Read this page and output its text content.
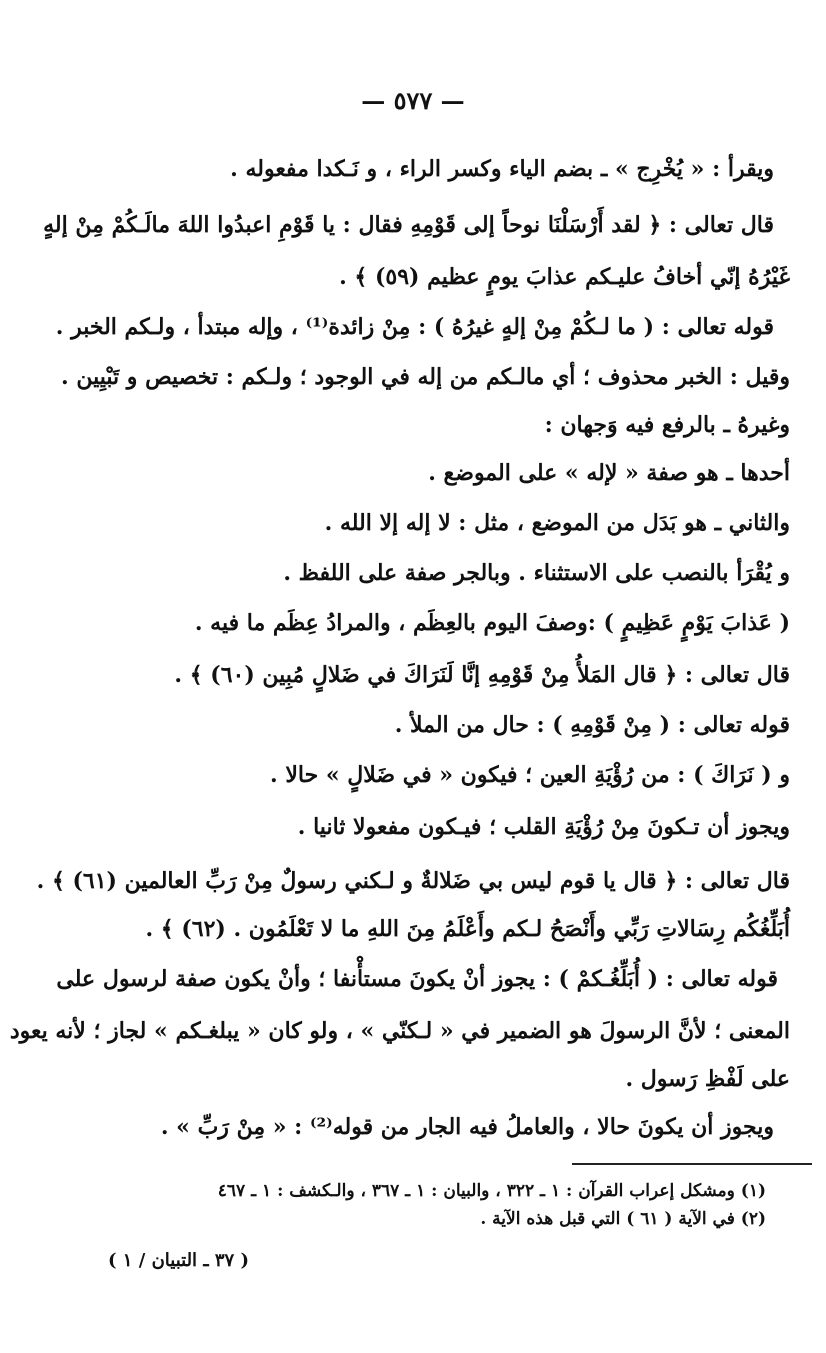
— ٥٧٧ —
ويقرأ : « يُخْرِج » ـ بضم الياء وكسر الراء ، و نَـكدا مفعوله .
قال تعالى : ﴿ لقد أَرْسَلْنَا نوحاً إلى قَوْمِهِ فقال : يا قَوْمِ اعبدُوا اللهَ مالَـكُمْ مِنْ إلهٍ
غَيْرُهُ إنّي أخافُ عليـكم عذابَ يومٍ عظيم (٥٩) ﴾ .
قوله تعالى : ( ما لـكُمْ مِنْ إلهٍ غيرُهُ ) : مِنْ زائدة⁽¹⁾ ، وإله مبتدأ ، ولـكم الخبر .
وقيل : الخبر محذوف ؛ أي مالـكم من إله في الوجود ؛ ولـكم : تخصيص و تَبْيِين .
وغيرهُ ـ بالرفع فيه وَجهان :
أحدها ـ هو صفة « لإله » على الموضع .
والثاني ـ هو بَدَل من الموضع ، مثل : لا إله إلا الله .
و يُقْرَأ بالنصب على الاستثناء . وبالجر صفة على اللفظ .
( عَذابَ يَوْمٍ عَظِيمٍ ) :وصفَ اليوم بالعِظَم ، والمرادُ عِظَم ما فيه .
قال تعالى : ﴿ قال المَلأُ مِنْ قَوْمِهِ إنَّا لَنَرَاكَ في ضَلالٍ مُبِين (٦٠) ﴾ .
قوله تعالى : ( مِنْ قَوْمِهِ ) : حال من الملأ .
و ( نَرَاكَ ) : من رُؤْيَةِ العين ؛ فيكون « في ضَلالٍ » حالا .
ويجوز أن تـكونَ مِنْ رُؤْيَةِ القلب ؛ فيـكون مفعولا ثانيا .
قال تعالى : ﴿ قال يا قوم ليس بي ضَلالةٌ و لـكني رسولٌ مِنْ رَبِّ العالمين (٦١) ﴾ .
أُبَلِّغُكُم رِسَالاتِ رَبِّي وأَنْصَحُ لـكم وأَعْلَمُ مِنَ اللهِ ما لا تَعْلَمُون . (٦٢) ﴾ .
قوله تعالى : ( أُبَلِّغُـكمْ ) : يجوز أنْ يكونَ مستأْنفا ؛ وأنْ يكون صفة لرسول على
المعنى ؛ لأنَّ الرسولَ هو الضمير في « لـكنّي » ، ولو كان « يبلغـكم » لجاز ؛ لأنه يعود
على لَفْظِ رَسول .
ويجوز أن يكونَ حالا ، والعاملُ فيه الجار من قوله⁽²⁾ : « مِنْ رَبِّ » .
(١) ومشكل إعراب القرآن : ١ ـ ٣٢٢ ، والبيان : ١ ـ ٣٦٧ ، والـكشف : ١ ـ ٤٦٧
(٢) في الآية ( ٦١ ) التي قبل هذه الآية .
( ٣٧ ـ التبيان / ١ )
